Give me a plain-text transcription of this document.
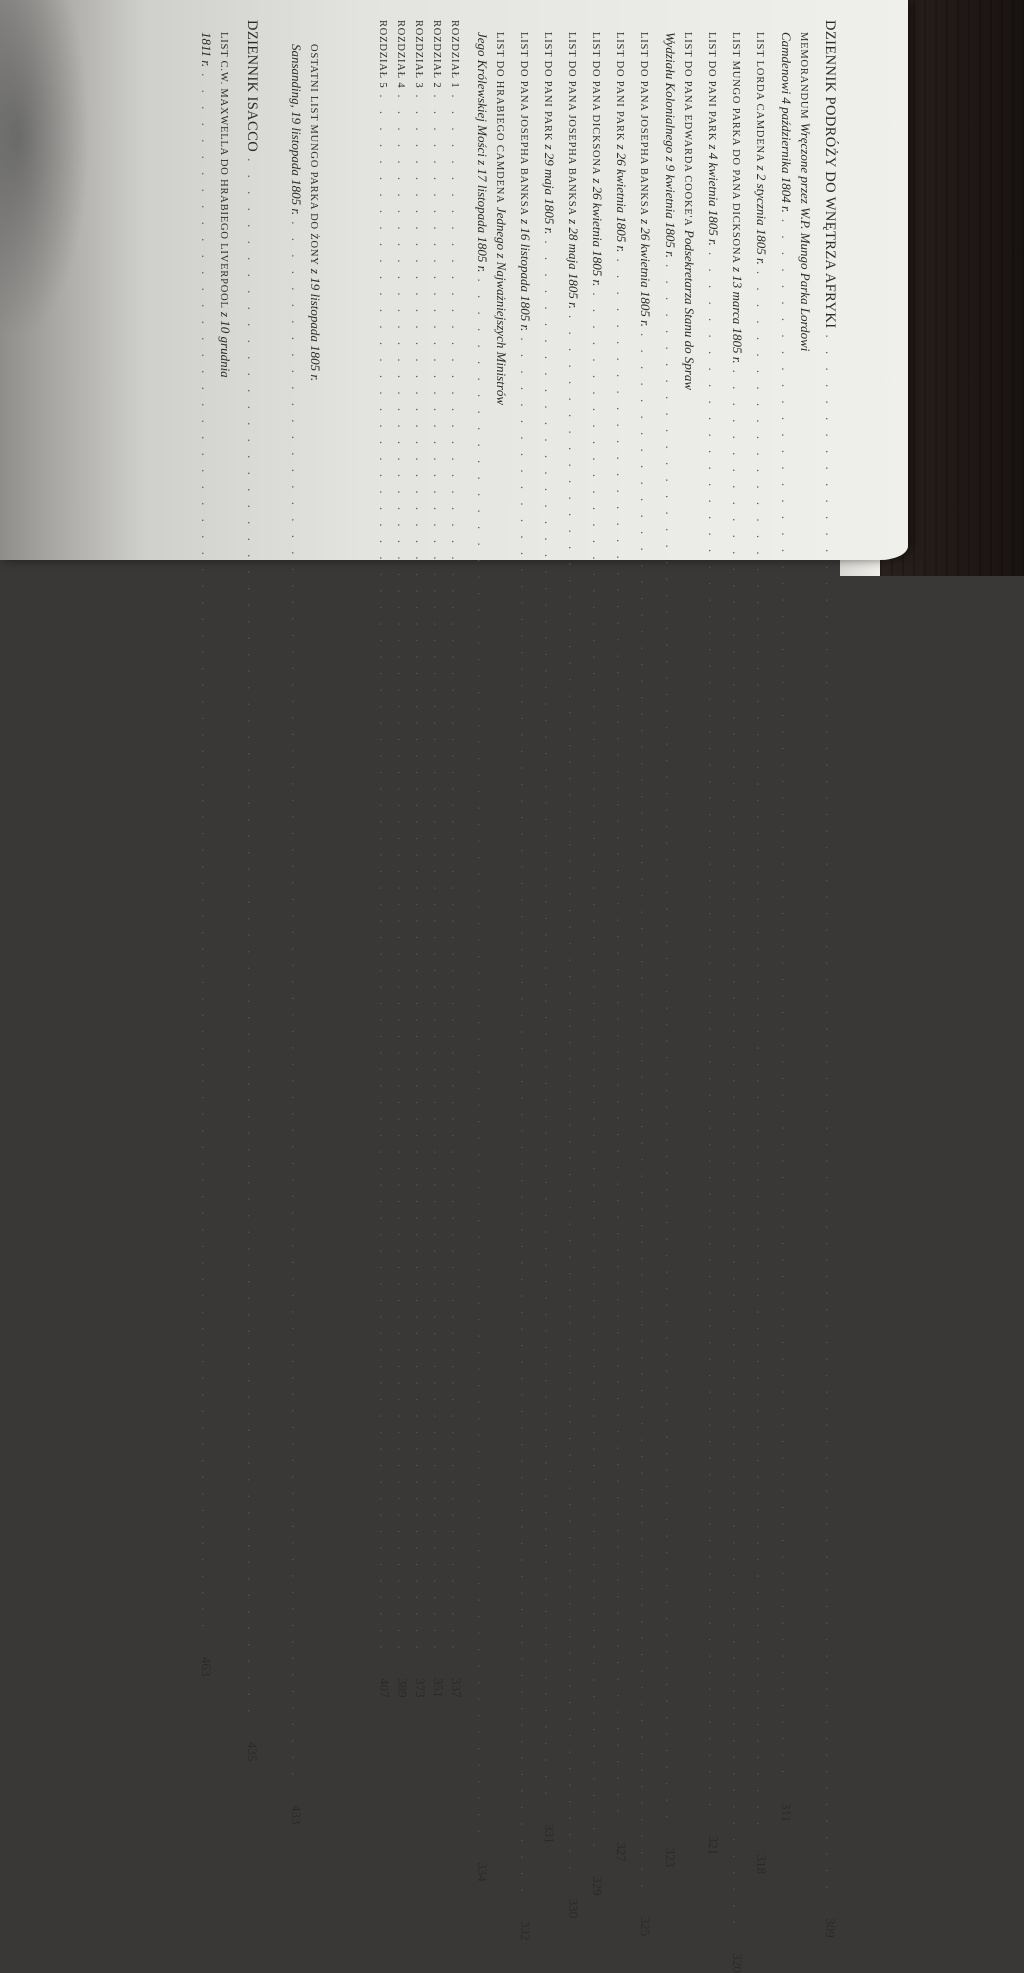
DZIENNIK PODRÓŻY DO WNĘTRZA AFRYKI
. . .
309
MEMORANDUM Wręczone przez W.P. Mungo Parka Lordowi
Camdenowi 4 października 1804 r.
. . .
311
LIST LORDA CAMDENA z 2 stycznia 1805 r.
. . .
318
LIST MUNGO PARKA DO PANA DICKSONA z 13 marca 1805 r.
. . .
320
LIST DO PANI PARK z 4 kwietnia 1805 r.
. . .
321
LIST DO PANA EDWARDA COOKE'A Podsekretarza Stanu do Spraw
Wydziału Kolonialnego z 9 kwietnia 1805 r.
. . .
323
LIST DO PANA JOSEPHA BANKSA z 26 kwietnia 1805 r.
. . .
325
LIST DO PANI PARK z 26 kwietnia 1805 r.
. . .
327
LIST DO PANA DICKSONA z 26 kwietnia 1805 r.
. . .
329
LIST DO PANA JOSEPHA BANKSA z 28 maja 1805 r.
. . .
330
LIST DO PANI PARK z 29 maja 1805 r.
. . .
331
LIST DO PANA JOSEPHA BANKSA z 16 listopada 1805 r.
. . .
332
LIST DO HRABIEGO CAMDENA Jednego z Najważniejszych Ministrów
Jego Królewskiej Mości z 17 listopada 1805 r.
. . .
334
ROZDZIAŁ 1
. . .
337
ROZDZIAŁ 2
. . .
351
ROZDZIAŁ 3
. . .
373
ROZDZIAŁ 4
. . .
389
ROZDZIAŁ 5
. . .
407
OSTATNI LIST MUNGO PARKA DO ŻONY z 19 listopada 1805 r.
Sansanding, 19 listopada 1805 r.
. . .
433
DZIENNIK ISACCO
. . .
435
LIST C.W. MAXWELLA DO HRABIEGO LIVERPOOL z 10 grudnia
1811 r.
. . .
463
